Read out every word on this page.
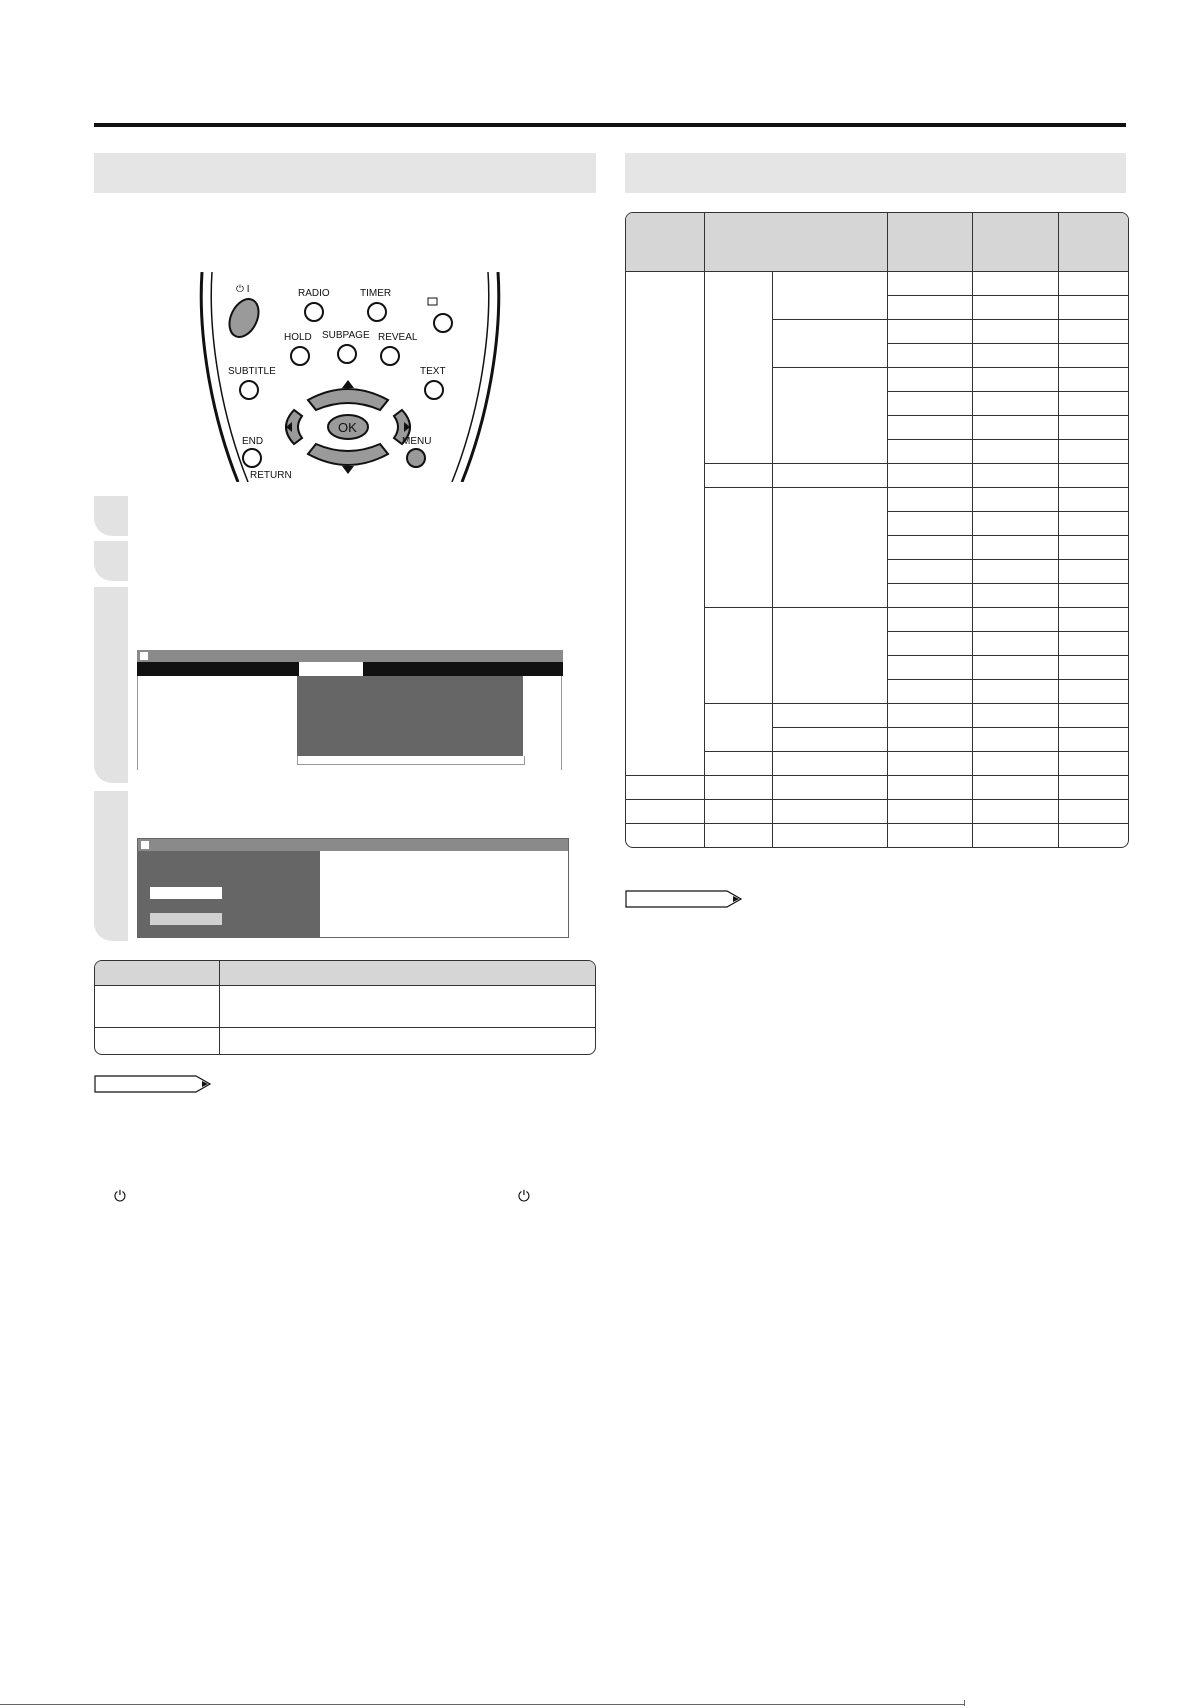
⏻ I	RADIO	TIMER
HOLD SUBPAGE REVEAL
SUBTITLE	TEXT
OK
END
RETURN
MENU

⏻	⏻
